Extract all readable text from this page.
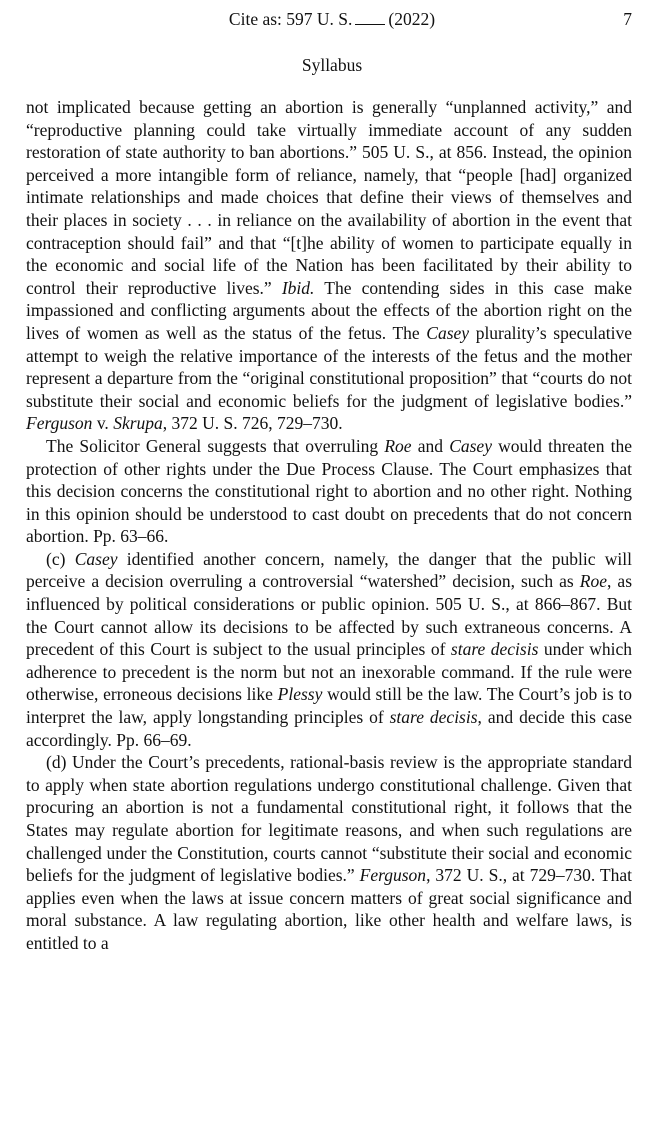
Cite as: 597 U. S. (2022)	7
Syllabus

not implicated because getting an abortion is generally “unplanned activity,” and “reproductive planning could take virtually immediate account of any sudden restoration of state authority to ban abortions.” 505 U. S., at 856. Instead, the opinion perceived a more intangible form of reliance, namely, that “people [had] organized intimate relationships and made choices that define their views of themselves and their places in society . . . in reliance on the availability of abortion in the event that contraception should fail” and that “[t]he ability of women to participate equally in the economic and social life of the Nation has been facilitated by their ability to control their reproductive lives.” Ibid. The contending sides in this case make impassioned and conflicting arguments about the effects of the abortion right on the lives of women as well as the status of the fetus. The Casey plurality’s speculative attempt to weigh the relative importance of the interests of the fetus and the mother represent a departure from the “original constitutional proposition” that “courts do not substitute their social and economic beliefs for the judgment of legislative bodies.” Ferguson v. Skrupa, 372 U. S. 726, 729–730.

The Solicitor General suggests that overruling Roe and Casey would threaten the protection of other rights under the Due Process Clause. The Court emphasizes that this decision concerns the constitutional right to abortion and no other right. Nothing in this opinion should be understood to cast doubt on precedents that do not concern abortion. Pp. 63–66.

(c) Casey identified another concern, namely, the danger that the public will perceive a decision overruling a controversial “watershed” decision, such as Roe, as influenced by political considerations or public opinion. 505 U. S., at 866–867. But the Court cannot allow its decisions to be affected by such extraneous concerns. A precedent of this Court is subject to the usual principles of stare decisis under which adherence to precedent is the norm but not an inexorable command. If the rule were otherwise, erroneous decisions like Plessy would still be the law. The Court’s job is to interpret the law, apply longstanding principles of stare decisis, and decide this case accordingly. Pp. 66–69.

(d) Under the Court’s precedents, rational-basis review is the appropriate standard to apply when state abortion regulations undergo constitutional challenge. Given that procuring an abortion is not a fundamental constitutional right, it follows that the States may regulate abortion for legitimate reasons, and when such regulations are challenged under the Constitution, courts cannot “substitute their social and economic beliefs for the judgment of legislative bodies.” Ferguson, 372 U. S., at 729–730. That applies even when the laws at issue concern matters of great social significance and moral substance. A law regulating abortion, like other health and welfare laws, is entitled to a
